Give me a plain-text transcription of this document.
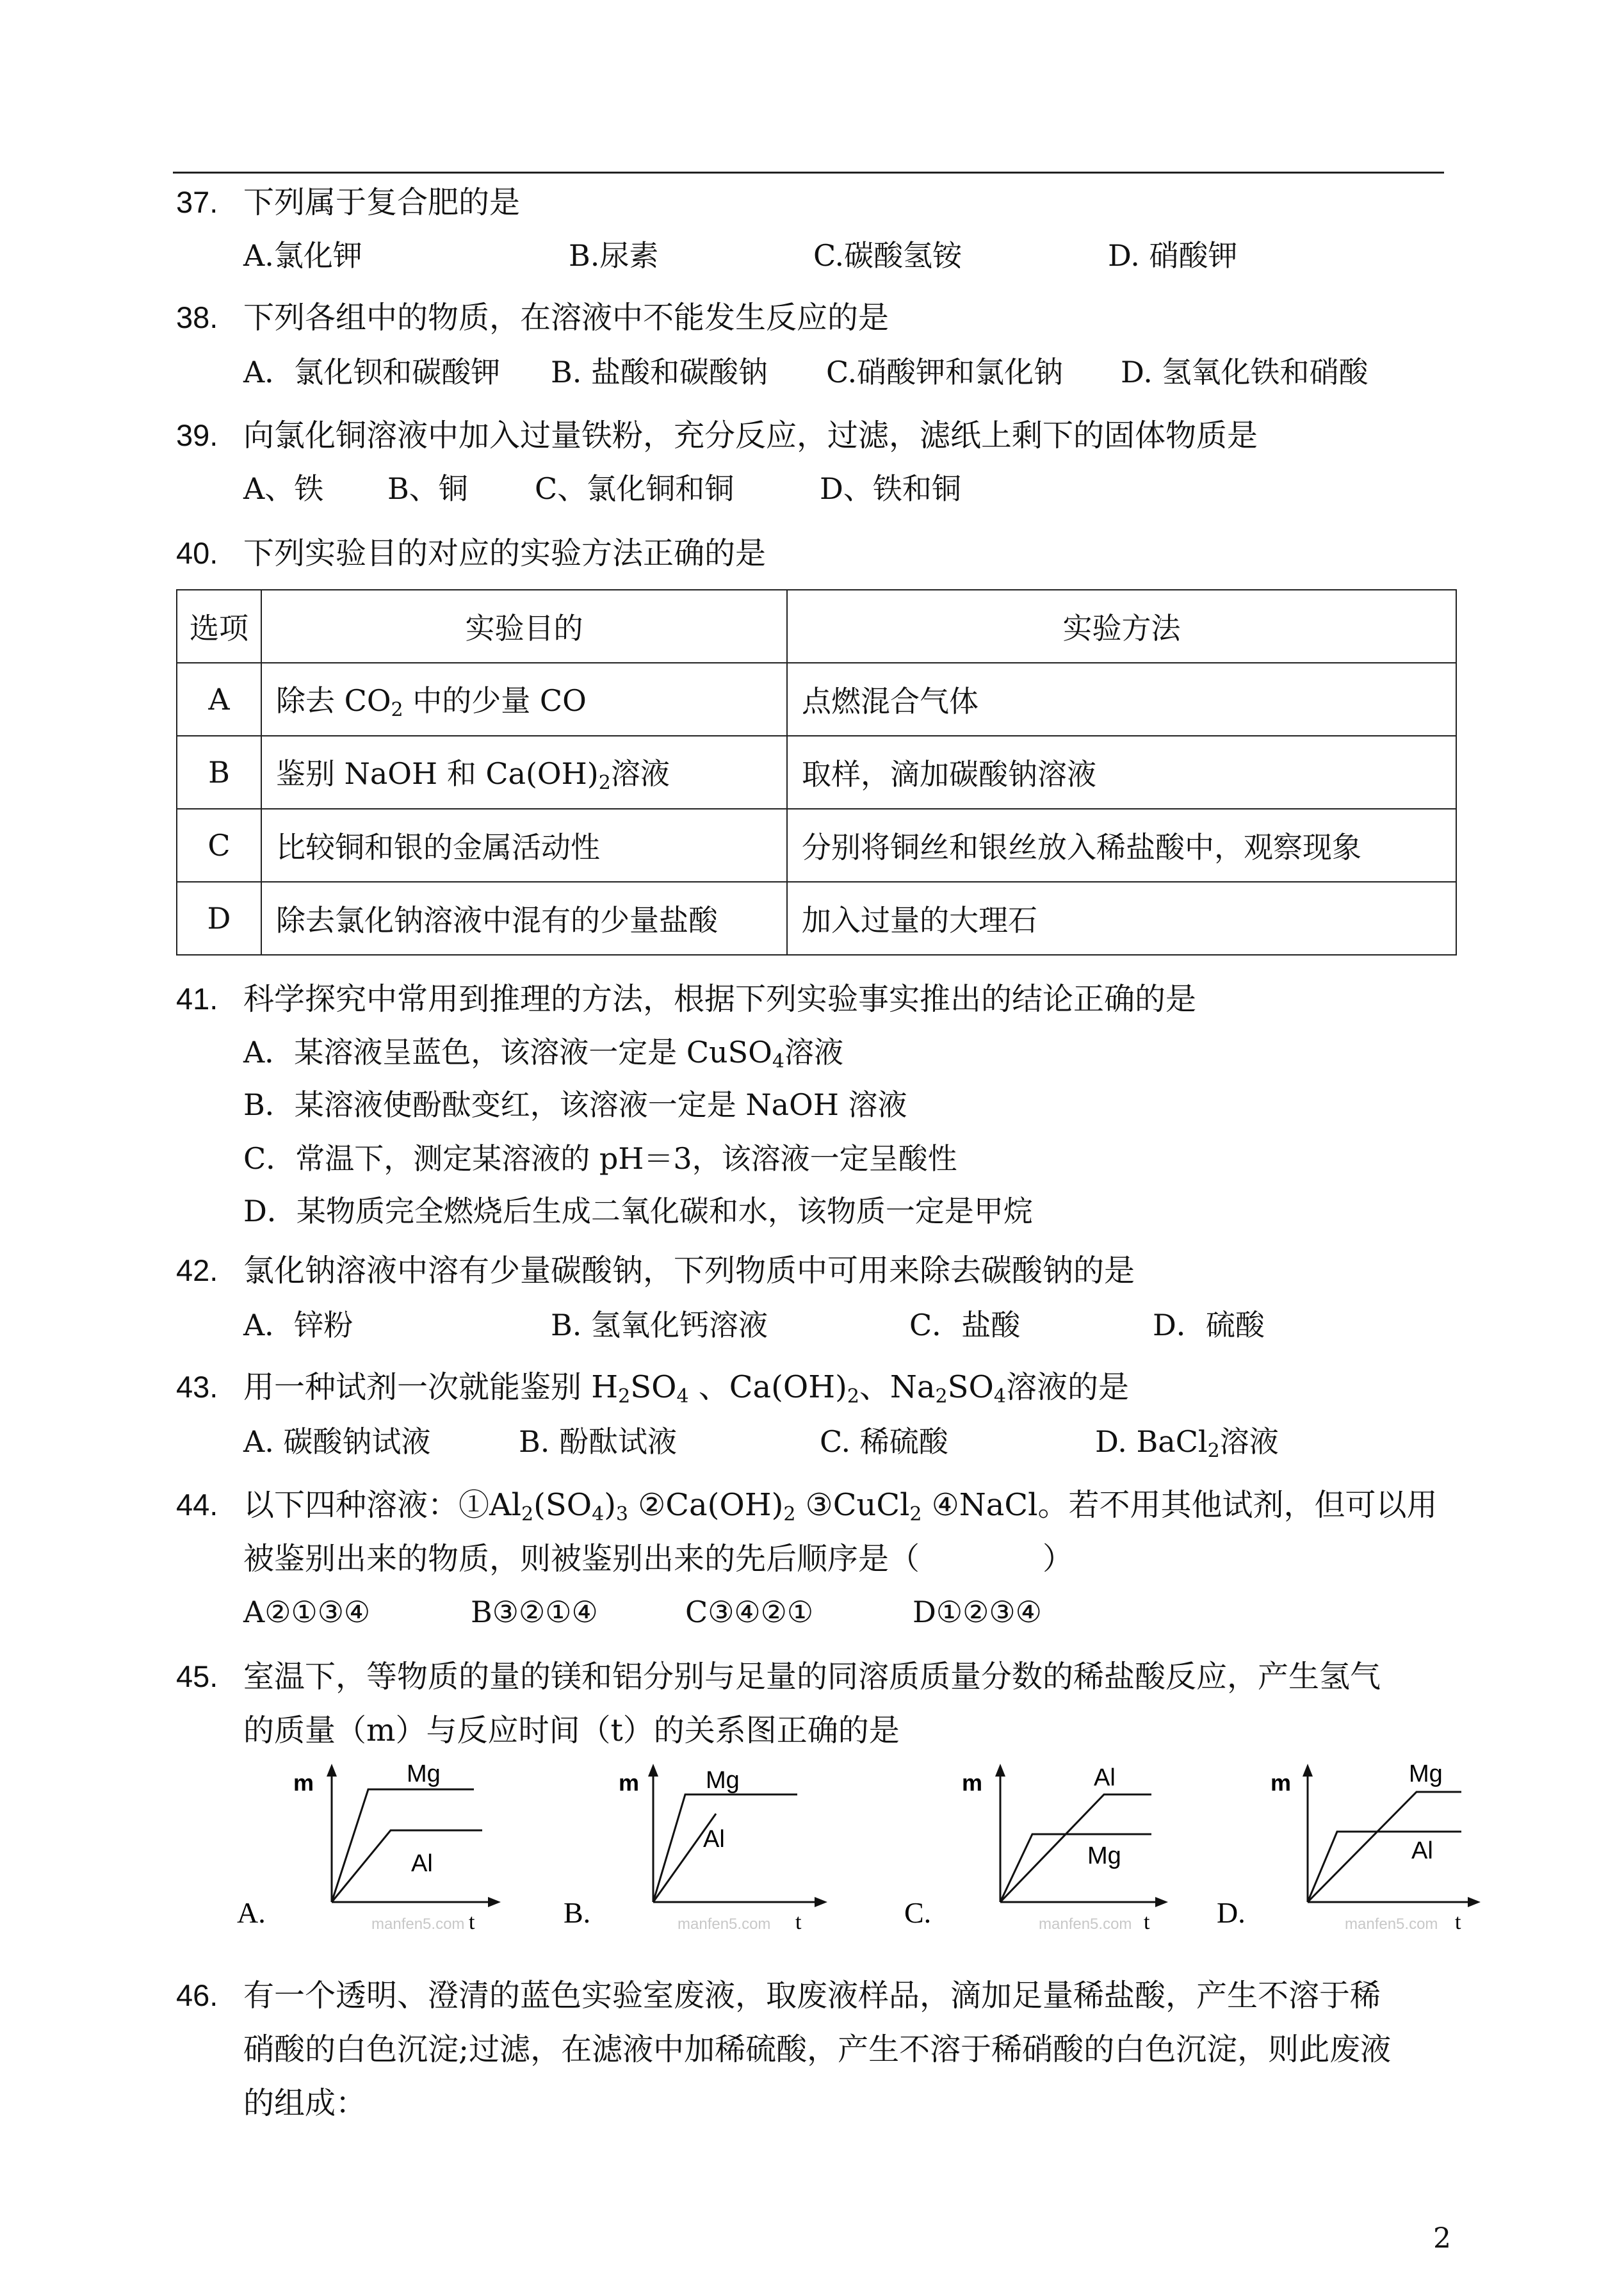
37. 下列属于复合肥的是
A.氯化钾	B.尿素	C.碳酸氢铵	D. 硝酸钾
38. 下列各组中的物质，在溶液中不能发生反应的是
A．氯化钡和碳酸钾 B. 盐酸和碳酸钠 C.硝酸钾和氯化钠 D. 氢氧化铁和硝酸
39. 向氯化铜溶液中加入过量铁粉，充分反应，过滤，滤纸上剩下的固体物质是
A、铁 B、铜 C、氯化铜和铜	D、铁和铜
40. 下列实验目的对应的实验方法正确的是
选项	实验目的	实验方法
A	除去 $CO_2$ 中的少量 CO	点燃混合气体
B	鉴别 NaOH 和 $Ca(OH)_2$溶液	取样，滴加碳酸钠溶液
C	比较铜和银的金属活动性	分别将铜丝和银丝放入稀盐酸中，观察现象
D	除去氯化钠溶液中混有的少量盐酸	加入过量的大理石
41. 科学探究中常用到推理的方法，根据下列实验事实推出的结论正确的是
A．某溶液呈蓝色，该溶液一定是 CuSO$_4$溶液
B．某溶液使酚酞变红，该溶液一定是 NaOH 溶液
C．常温下，测定某溶液的 pH＝3，该溶液一定呈酸性
D．某物质完全燃烧后生成二氧化碳和水，该物质一定是甲烷
42. 氯化钠溶液中溶有少量碳酸钠，下列物质中可用来除去碳酸钠的是
A．锌粉	B. 氢氧化钙溶液	C．盐酸	D．硫酸
43. 用一种试剂一次就能鉴别 $H_2SO_4$ 、$Ca(OH)_2$、$Na_2SO_4$溶液的是
A. 碳酸钠试液	B. 酚酞试液	C. 稀硫酸	D. BaCl$_2$溶液
44. 以下四种溶液：$①Al_2(SO_4)_3$ $②Ca(OH)_2$ ③CuCl$_2$ ④NaCl。若不用其他试剂，但可以用
被鉴别出来的物质，则被鉴别出来的先后顺序是（　　　　）
A②①③④	B③②①④	C③④②①	D①②③④
45. 室温下，等物质的量的镁和铝分别与足量的同溶质质量分数的稀盐酸反应，产生氢气
的质量（m）与反应时间（t）的关系图正确的是
A.
m	Mg
Al
manfen5.com t	B.
m	Mg
Al
manfen5.com t	C.
m	Al
Mg
manfen5.com t D.
m	Mg
Al
manfen5.com t
46. 有一个透明、澄清的蓝色实验室废液，取废液样品，滴加足量稀盐酸，产生不溶于稀
硝酸的白色沉淀;过滤，在滤液中加稀硫酸，产生不溶于稀硝酸的白色沉淀，则此废液
的组成：
2
